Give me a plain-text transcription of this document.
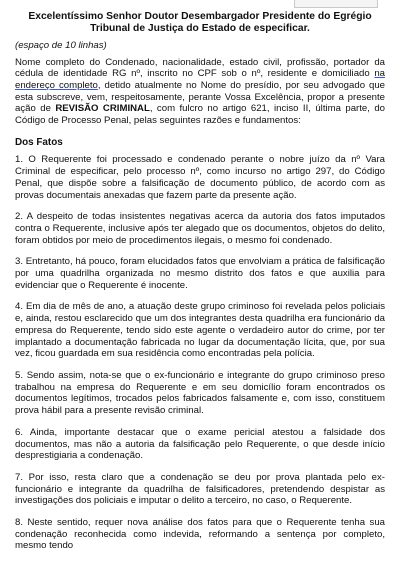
Excelentíssimo Senhor Doutor Desembargador Presidente do Egrégio Tribunal de Justiça do Estado de especificar.

(espaço de 10 linhas)

Nome completo do Condenado, nacionalidade, estado civil, profissão, portador da cédula de identidade RG nº, inscrito no CPF sob o nº, residente e domiciliado na endereço completo, detido atualmente no Nome do presídio, por seu advogado que esta subscreve, vem, respeitosamente, perante Vossa Excelência, propor a presente ação de REVISÃO CRIMINAL, com fulcro no artigo 621, inciso II, última parte, do Código de Processo Penal, pelas seguintes razões e fundamentos:

Dos Fatos

1. O Requerente foi processado e condenado perante o nobre juízo da nº Vara Criminal de especificar, pelo processo nº, como incurso no artigo 297, do Código Penal, que dispõe sobre a falsificação de documento público, de acordo com as provas documentais anexadas que fazem parte da presente ação.

2. A despeito de todas insistentes negativas acerca da autoria dos fatos imputados contra o Requerente, inclusive após ter alegado que os documentos, objetos do delito, foram obtidos por meio de procedimentos ilegais, o mesmo foi condenado.

3. Entretanto, há pouco, foram elucidados fatos que envolviam a prática de falsificação por uma quadrilha organizada no mesmo distrito dos fatos e que auxilia para evidenciar que o Requerente é inocente.

4. Em dia de mês de ano, a atuação deste grupo criminoso foi revelada pelos policiais e, ainda, restou esclarecido que um dos integrantes desta quadrilha era funcionário da empresa do Requerente, tendo sido este agente o verdadeiro autor do crime, por ter implantado a documentação fabricada no lugar da documentação lícita, que, por sua vez, ficou guardada em sua residência como encontradas pela polícia.

5. Sendo assim, nota-se que o ex-funcionário e integrante do grupo criminoso preso trabalhou na empresa do Requerente e em seu domicílio foram encontrados os documentos legítimos, trocados pelos fabricados falsamente e, com isso, constituem prova hábil para a presente revisão criminal.

6. Ainda, importante destacar que o exame pericial atestou a falsidade dos documentos, mas não a autoria da falsificação pelo Requerente, o que desde início desprestigiaria a condenação.

7. Por isso, resta claro que a condenação se deu por prova plantada pelo ex-funcionário e integrante da quadrilha de falsificadores, pretendendo despistar as investigações dos policiais e imputar o delito a terceiro, no caso, o Requerente.

8. Neste sentido, requer nova análise dos fatos para que o Requerente tenha sua condenação reconhecida como indevida, reformando a sentença por completo, mesmo tendo
